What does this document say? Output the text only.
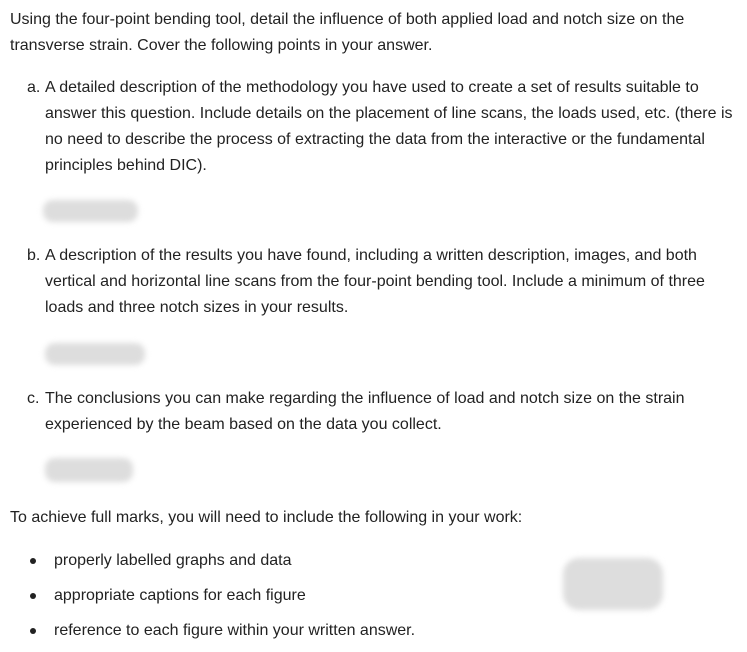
Using the four-point bending tool, detail the influence of both applied load and notch size on the transverse strain. Cover the following points in your answer.

a. A detailed description of the methodology you have used to create a set of results suitable to answer this question. Include details on the placement of line scans, the loads used, etc. (there is no need to describe the process of extracting the data from the interactive or the fundamental principles behind DIC).
b. A description of the results you have found, including a written description, images, and both vertical and horizontal line scans from the four-point bending tool. Include a minimum of three loads and three notch sizes in your results.
c. The conclusions you can make regarding the influence of load and notch size on the strain experienced by the beam based on the data you collect.

To achieve full marks, you will need to include the following in your work:

properly labelled graphs and data
appropriate captions for each figure
reference to each figure within your written answer.
